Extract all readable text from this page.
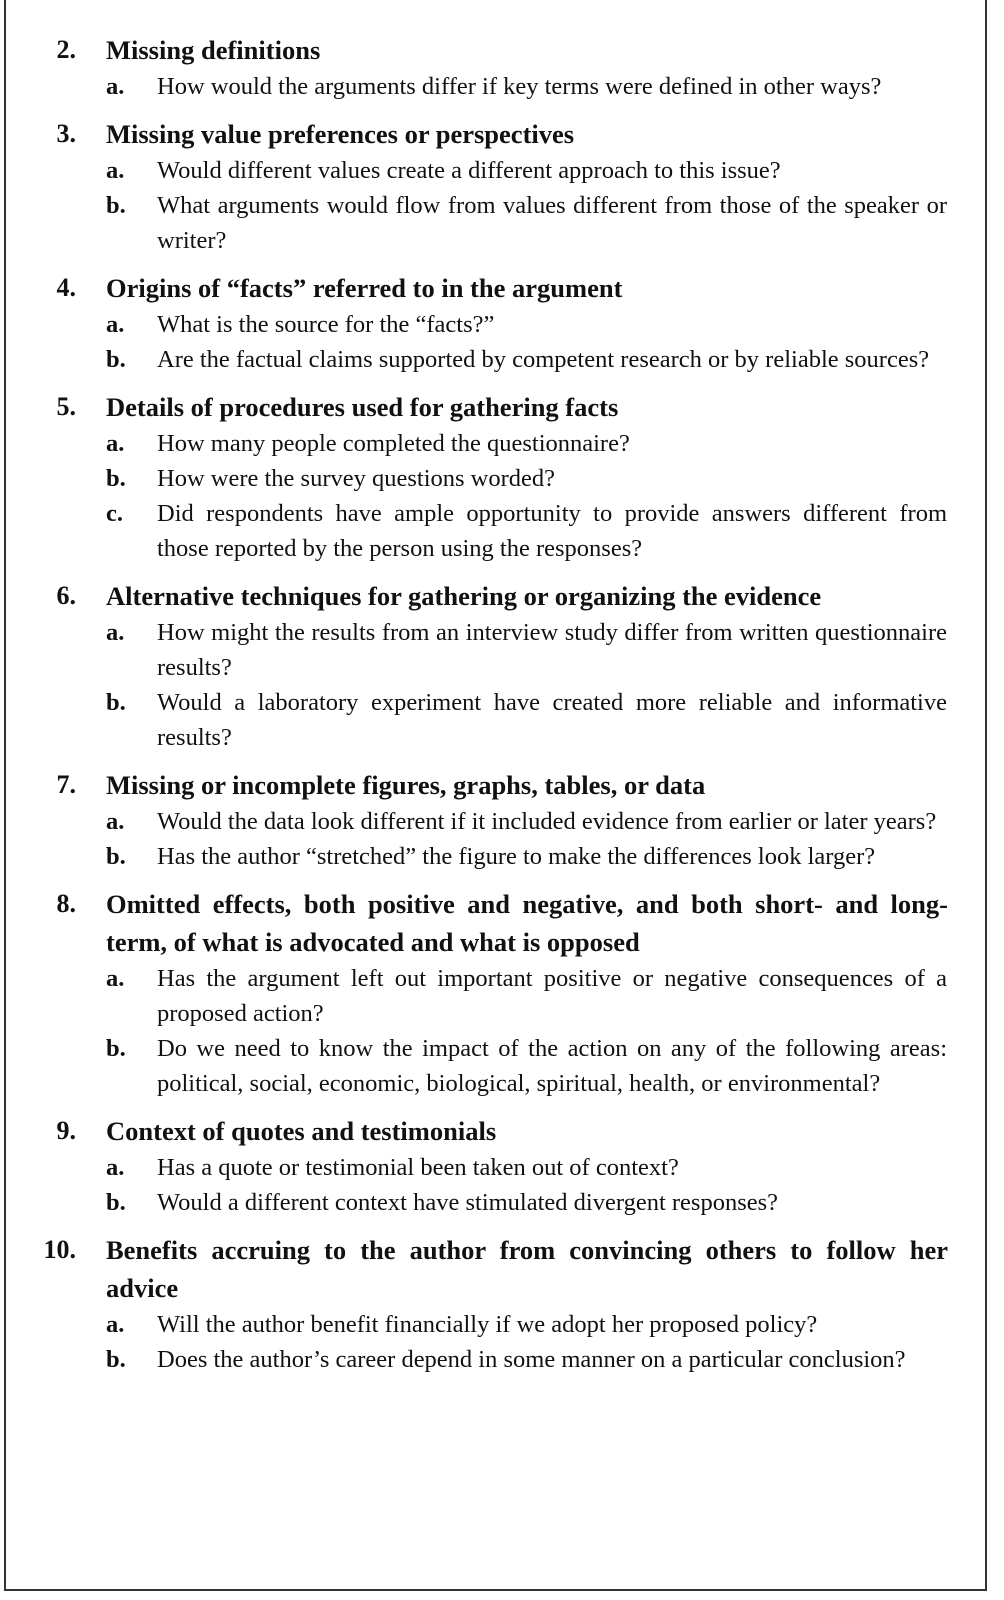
2. Missing definitions
a. How would the arguments differ if key terms were defined in other ways?
3. Missing value preferences or perspectives
a. Would different values create a different approach to this issue?
b. What arguments would flow from values different from those of the speaker or writer?
4. Origins of “facts” referred to in the argument
a. What is the source for the “facts?”
b. Are the factual claims supported by competent research or by reliable sources?
5. Details of procedures used for gathering facts
a. How many people completed the questionnaire?
b. How were the survey questions worded?
c. Did respondents have ample opportunity to provide answers different from those reported by the person using the responses?
6. Alternative techniques for gathering or organizing the evidence
a. How might the results from an interview study differ from written questionnaire results?
b. Would a laboratory experiment have created more reliable and informative results?
7. Missing or incomplete figures, graphs, tables, or data
a. Would the data look different if it included evidence from earlier or later years?
b. Has the author “stretched” the figure to make the differences look larger?
8. Omitted effects, both positive and negative, and both short- and long-term, of what is advocated and what is opposed
a. Has the argument left out important positive or negative consequences of a proposed action?
b. Do we need to know the impact of the action on any of the following areas: political, social, economic, biological, spiritual, health, or environmental?
9. Context of quotes and testimonials
a. Has a quote or testimonial been taken out of context?
b. Would a different context have stimulated divergent responses?
10. Benefits accruing to the author from convincing others to follow her advice
a. Will the author benefit financially if we adopt her proposed policy?
b. Does the author’s career depend in some manner on a particular conclusion?
